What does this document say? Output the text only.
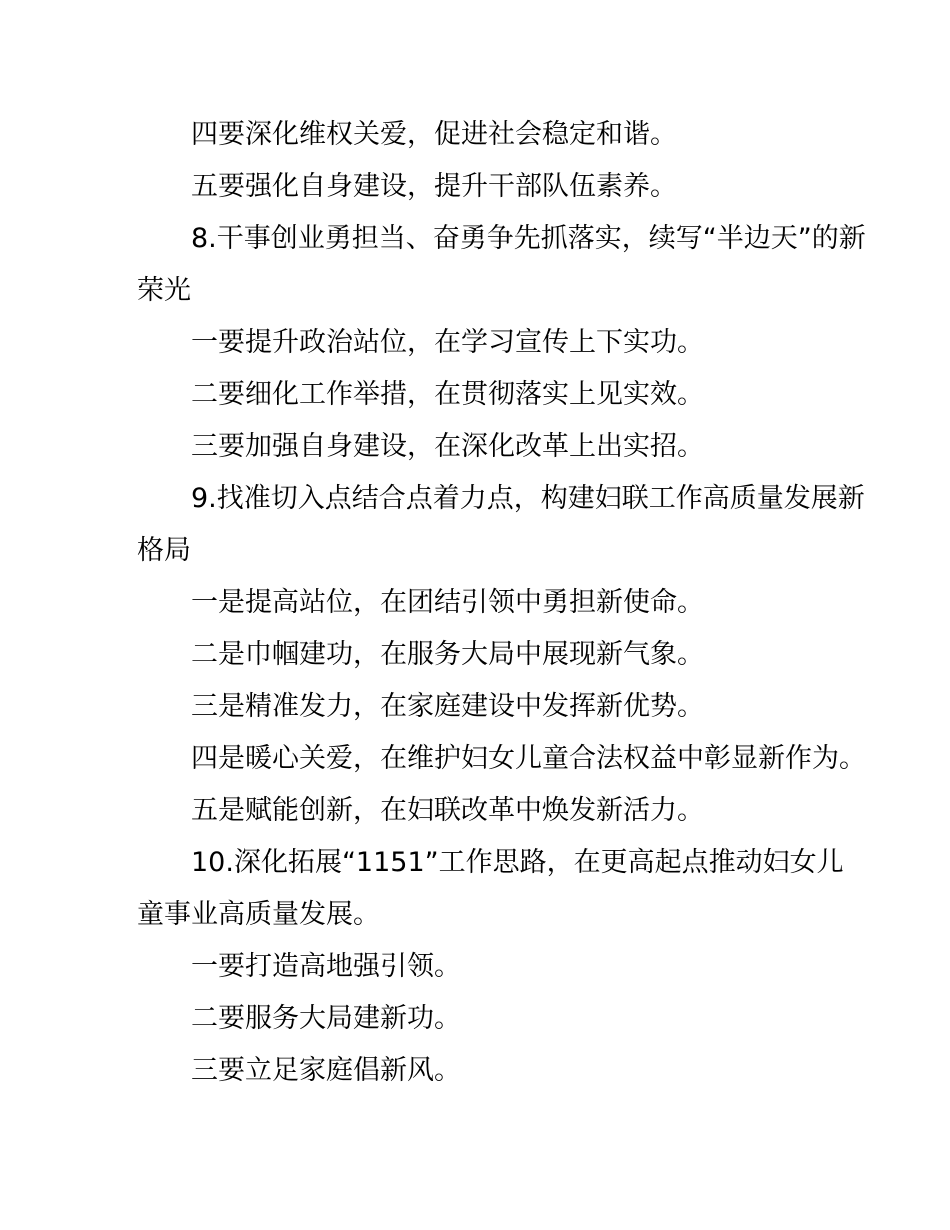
四要深化维权关爱，促进社会稳定和谐。
五要强化自身建设，提升干部队伍素养。
8.干事创业勇担当、奋勇争先抓落实，续写“半边天”的新
荣光
一要提升政治站位，在学习宣传上下实功。
二要细化工作举措，在贯彻落实上见实效。
三要加强自身建设，在深化改革上出实招。
9.找准切入点结合点着力点，构建妇联工作高质量发展新
格局
一是提高站位，在团结引领中勇担新使命。
二是巾帼建功，在服务大局中展现新气象。
三是精准发力，在家庭建设中发挥新优势。
四是暖心关爱，在维护妇女儿童合法权益中彰显新作为。
五是赋能创新，在妇联改革中焕发新活力。
10.深化拓展“1151”工作思路，在更高起点推动妇女儿
童事业高质量发展。
一要打造高地强引领。
二要服务大局建新功。
三要立足家庭倡新风。
